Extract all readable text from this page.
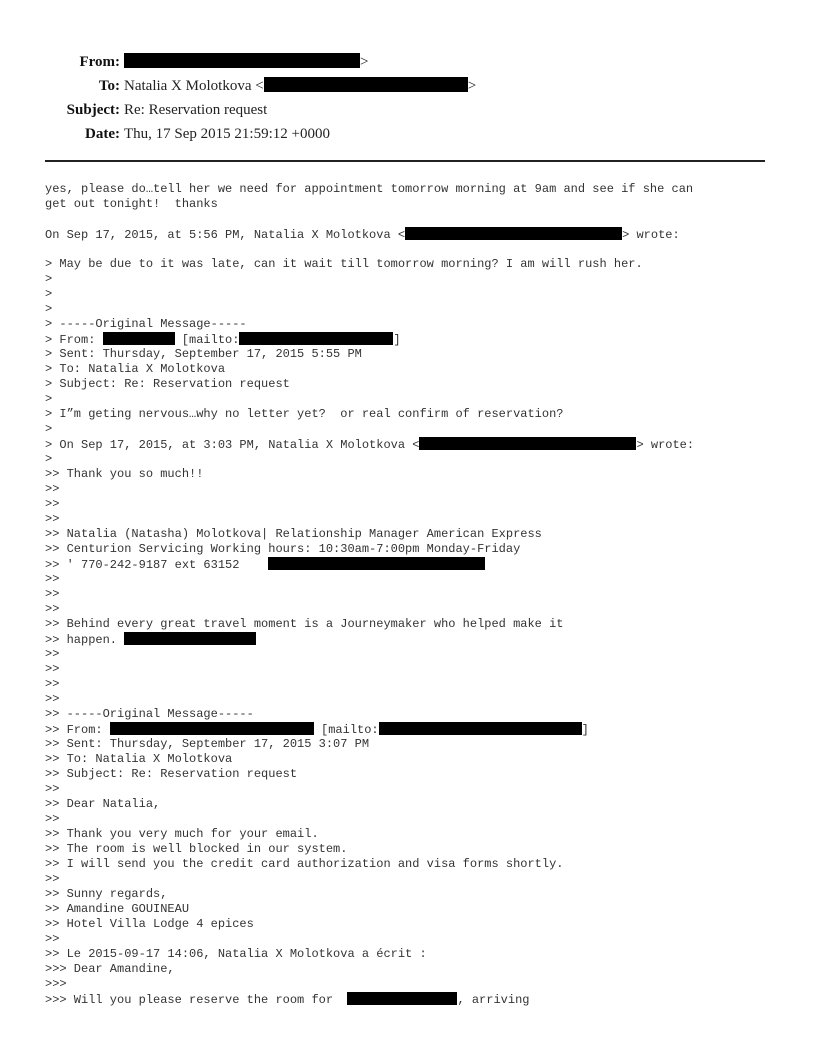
From:	>
To: Natalia X Molotkova <	>
Subject: Re: Reservation request
Date: Thu, 17 Sep 2015 21:59:12 +0000
yes, please do…tell her we need for appointment tomorrow morning at 9am and see if she can
get out tonight!  thanks
On Sep 17, 2015, at 5:56 PM, Natalia X Molotkova <	> wrote:
> May be due to it was late, can it wait till tomorrow morning? I am will rush her.
>
>
>
> -----Original Message-----
> From:	[mailto:	]
> Sent: Thursday, September 17, 2015 5:55 PM
> To: Natalia X Molotkova
> Subject: Re: Reservation request
>
> I”m geting nervous…why no letter yet?  or real confirm of reservation?
>
> On Sep 17, 2015, at 3:03 PM, Natalia X Molotkova <	> wrote:
>
>> Thank you so much!!
>>
>>
>>
>> Natalia (Natasha) Molotkova| Relationship Manager American Express
>> Centurion Servicing Working hours: 10:30am-7:00pm Monday-Friday
>> ' 770-242-9187 ext 63152
>>
>>
>>
>> Behind every great travel moment is a Journeymaker who helped make it
>> happen.
>>
>>
>>
>>
>> -----Original Message-----
>> From:	[mailto:	]
>> Sent: Thursday, September 17, 2015 3:07 PM
>> To: Natalia X Molotkova
>> Subject: Re: Reservation request
>>
>> Dear Natalia,
>>
>> Thank you very much for your email.
>> The room is well blocked in our system.
>> I will send you the credit card authorization and visa forms shortly.
>>
>> Sunny regards,
>> Amandine GOUINEAU
>> Hotel Villa Lodge 4 epices
>>
>> Le 2015-09-17 14:06, Natalia X Molotkova a écrit :
>>> Dear Amandine,
>>>
>>> Will you please reserve the room for	, arriving
